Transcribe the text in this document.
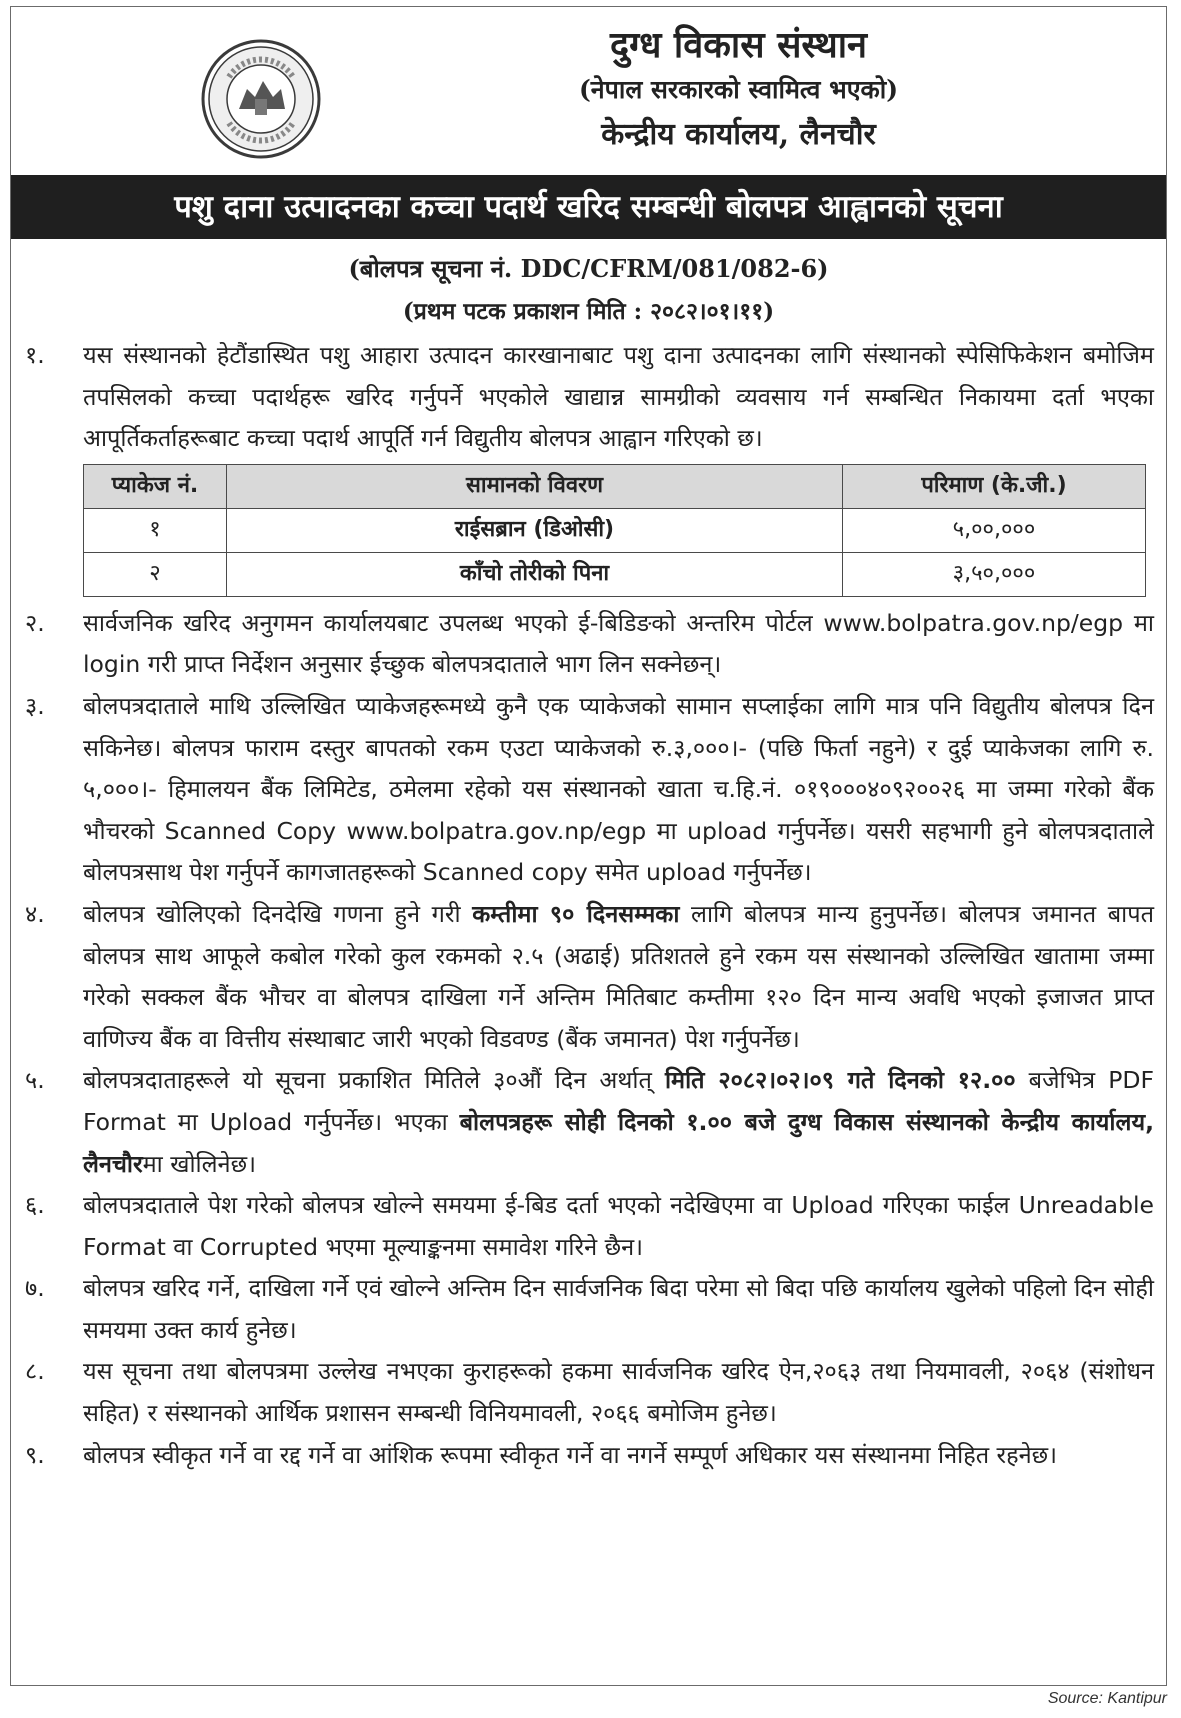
दुग्ध विकास संस्थान
(नेपाल सरकारको स्वामित्व भएको)
केन्द्रीय कार्यालय, लैनचौर
पशु दाना उत्पादनका कच्चा पदार्थ खरिद सम्बन्धी बोलपत्र आह्वानको सूचना
(बोलपत्र सूचना नं. DDC/CFRM/081/082-6)
(प्रथम पटक प्रकाशन मिति : २०८२।०१।११)
१.	यस संस्थानको हेटौंडास्थित पशु आहारा उत्पादन कारखानाबाट पशु दाना उत्पादनका लागि संस्थानको स्पेसिफिकेशन बमोजिम तपसिलको कच्चा पदार्थहरू खरिद गर्नुपर्ने भएकोले खाद्यान्न सामग्रीको व्यवसाय गर्न सम्बन्धित निकायमा दर्ता भएका आपूर्तिकर्ताहरूबाट कच्चा पदार्थ आपूर्ति गर्न विद्युतीय बोलपत्र आह्वान गरिएको छ।
प्याकेज नं.	सामानको विवरण	परिमाण (के.जी.)
१	राईसब्रान (डिओसी)	५,००,०००
२	काँचो तोरीको पिना	३,५०,०००
२.	सार्वजनिक खरिद अनुगमन कार्यालयबाट उपलब्ध भएको ई-बिडिङको अन्तरिम पोर्टल www.bolpatra.gov.np/egp मा login गरी प्राप्त निर्देशन अनुसार ईच्छुक बोलपत्रदाताले भाग लिन सक्नेछन्।
३.	बोलपत्रदाताले माथि उल्लिखित प्याकेजहरूमध्ये कुनै एक प्याकेजको सामान सप्लाईका लागि मात्र पनि विद्युतीय बोलपत्र दिन सकिनेछ। बोलपत्र फाराम दस्तुर बापतको रकम एउटा प्याकेजको रु.३,०००।- (पछि फिर्ता नहुने) र दुई प्याकेजका लागि रु. ५,०००।- हिमालयन बैंक लिमिटेड, ठमेलमा रहेको यस संस्थानको खाता च.हि.नं. ०१९०००४०९२००२६ मा जम्मा गरेको बैंक भौचरको Scanned Copy www.bolpatra.gov.np/egp मा upload गर्नुपर्नेछ। यसरी सहभागी हुने बोलपत्रदाताले बोलपत्रसाथ पेश गर्नुपर्ने कागजातहरूको Scanned copy समेत upload गर्नुपर्नेछ।
४.	बोलपत्र खोलिएको दिनदेखि गणना हुने गरी कम्तीमा ९० दिनसम्मका लागि बोलपत्र मान्य हुनुपर्नेछ। बोलपत्र जमानत बापत बोलपत्र साथ आफूले कबोल गरेको कुल रकमको २.५ (अढाई) प्रतिशतले हुने रकम यस संस्थानको उल्लिखित खातामा जम्मा गरेको सक्कल बैंक भौचर वा बोलपत्र दाखिला गर्ने अन्तिम मितिबाट कम्तीमा १२० दिन मान्य अवधि भएको इजाजत प्राप्त वाणिज्य बैंक वा वित्तीय संस्थाबाट जारी भएको विडवण्ड (बैंक जमानत) पेश गर्नुपर्नेछ।
५.	बोलपत्रदाताहरूले यो सूचना प्रकाशित मितिले ३०औं दिन अर्थात् मिति २०८२।०२।०९ गते दिनको १२.०० बजेभित्र PDF Format मा Upload गर्नुपर्नेछ। भएका बोलपत्रहरू सोही दिनको १.०० बजे दुग्ध विकास संस्थानको केन्द्रीय कार्यालय, लैनचौरमा खोलिनेछ।
६.	बोलपत्रदाताले पेश गरेको बोलपत्र खोल्ने समयमा ई-बिड दर्ता भएको नदेखिएमा वा Upload गरिएका फाईल Unreadable Format वा Corrupted भएमा मूल्याङ्कनमा समावेश गरिने छैन।
७.	बोलपत्र खरिद गर्ने, दाखिला गर्ने एवं खोल्ने अन्तिम दिन सार्वजनिक बिदा परेमा सो बिदा पछि कार्यालय खुलेको पहिलो दिन सोही समयमा उक्त कार्य हुनेछ।
८.	यस सूचना तथा बोलपत्रमा उल्लेख नभएका कुराहरूको हकमा सार्वजनिक खरिद ऐन,२०६३ तथा नियमावली, २०६४ (संशोधन सहित) र संस्थानको आर्थिक प्रशासन सम्बन्धी विनियमावली, २०६६ बमोजिम हुनेछ।
९.	बोलपत्र स्वीकृत गर्ने वा रद्द गर्ने वा आंशिक रूपमा स्वीकृत गर्ने वा नगर्ने सम्पूर्ण अधिकार यस संस्थानमा निहित रहनेछ।
Source: Kantipur
